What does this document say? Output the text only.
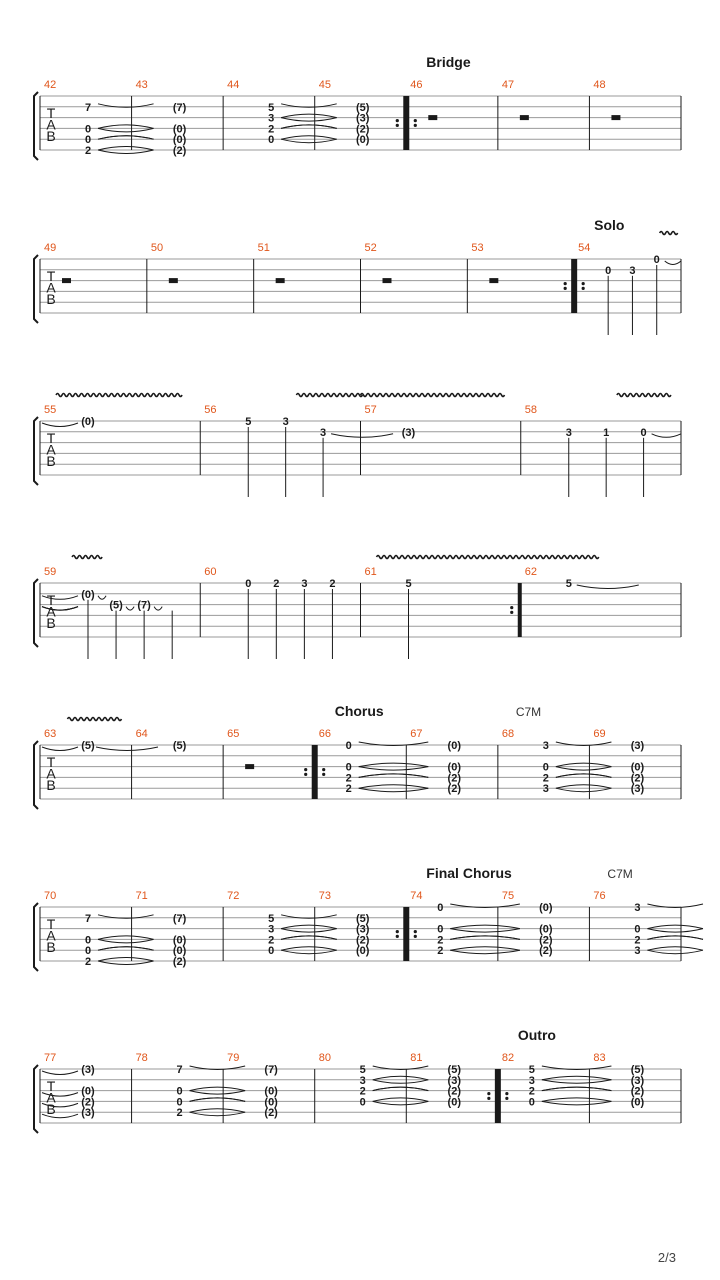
T
A
B
42
7
0
0
2
43
(7)
(0)
(0)
(2)
44
5
3
2
0
45
(5)
(3)
(2)
(0)
46	47	48
Bridge
T
A
B
49	50	51	52	53	54
0 3
0
Solo
T
A
B
55
(0)
56
5	3
3
57
(3)
58
3	1	0
T
A
B
59
(0)
(5) (7)
60
0 2 3 2
61
5
62
5
T
A
B
63
(5)
64
(5)
65	66
0
0
2
2
67
(0)
(0)
(2)
(2)
68
3
0
2
3
69
(3)
(0)
(2)
(3)
Chorus	C7M
T
A
B
70
7
0
0
2
71
(7)
(0)
(0)
(2)
72
5
3
2
0
73
(5)
(3)
(2)
(0)
74
0
0
2
2
75
(0)
(0)
(2)
(2)
76
3
0
2
3
Final Chorus	C7M
T
A
B
77
(3)
(0)
(2)
(3)
78
7
0
0
2
79
(7)
(0)
(0)
(2)
80
5
3
2
0
81
(5)
(3)
(2)
(0)
82
5
3
2
0
83
(5)
(3)
(2)
(0)
Outro
2/3
